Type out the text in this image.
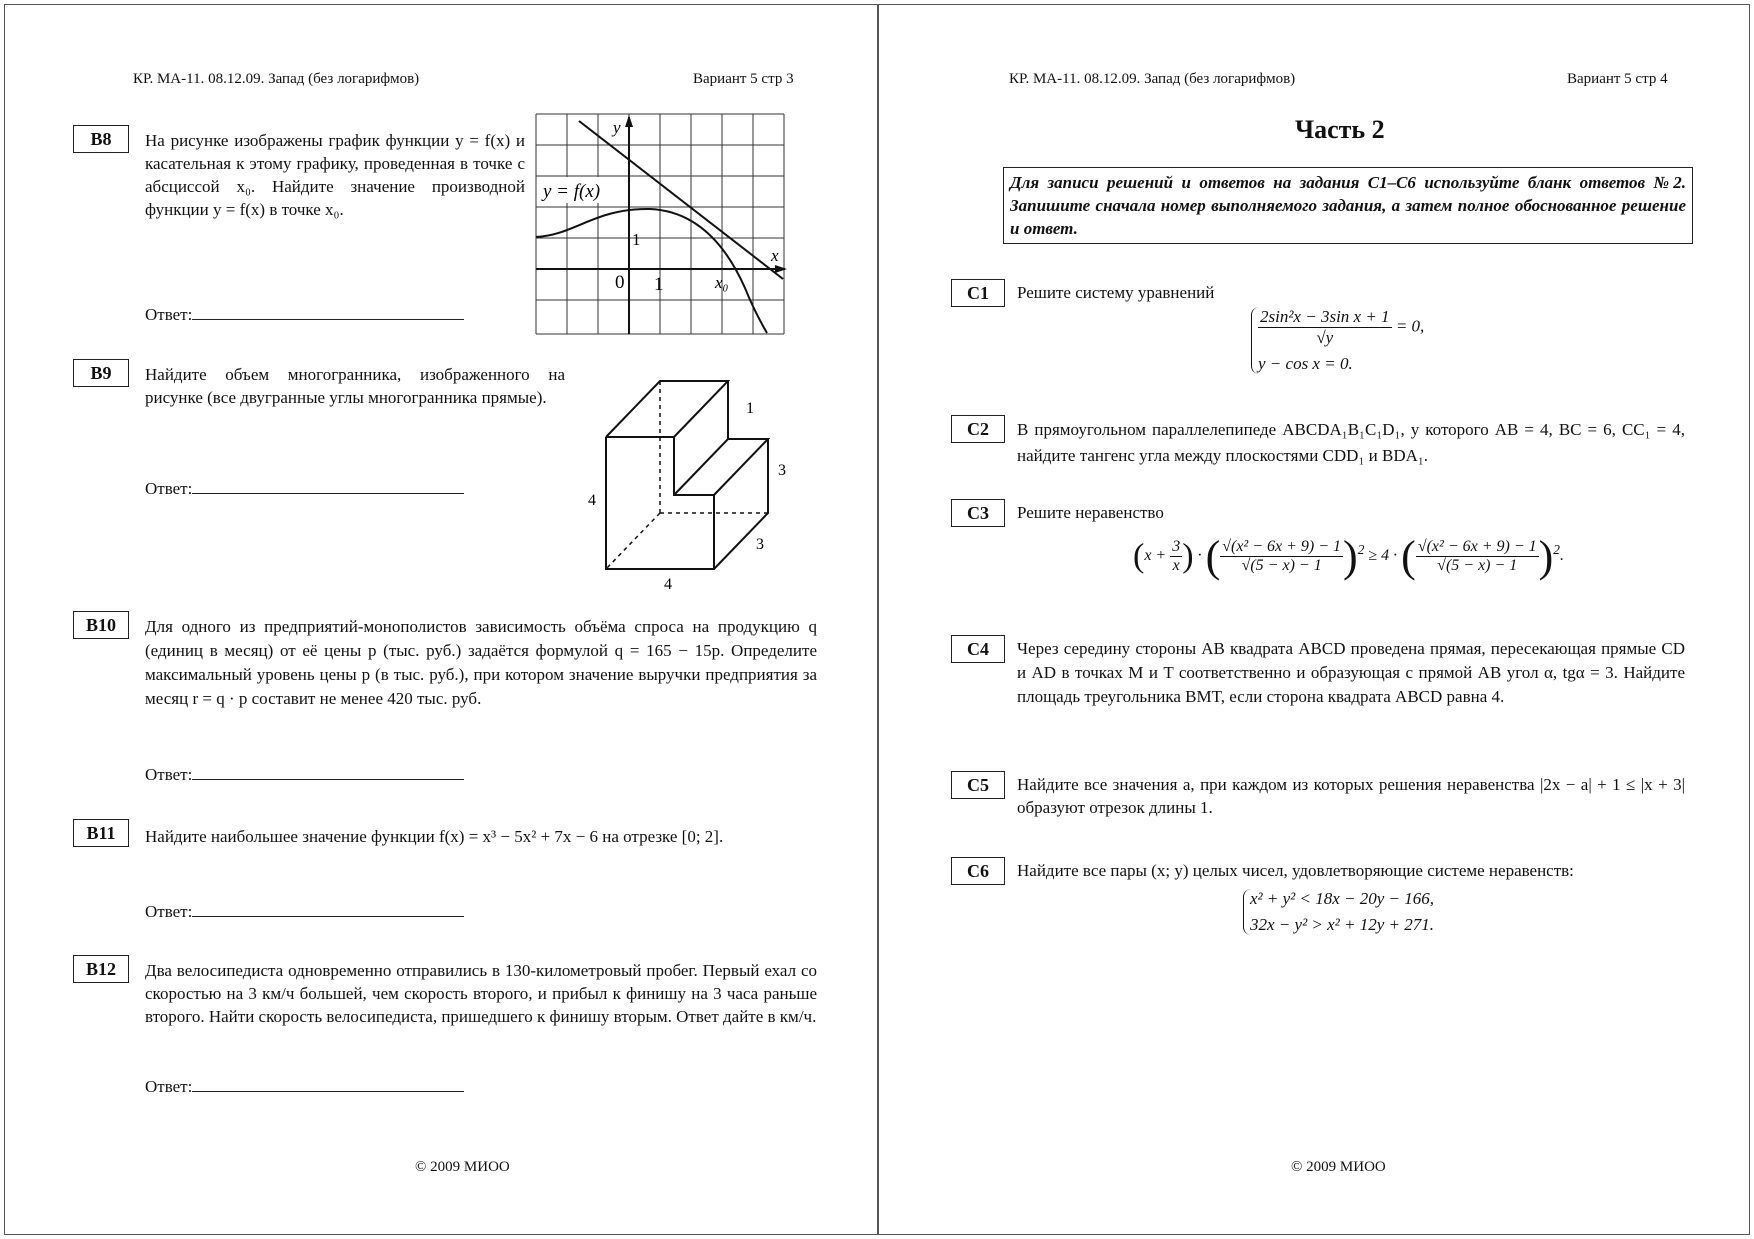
КР. МА-11. 08.12.09. Запад (без логарифмов)	Вариант 5 стр 3
B8	На рисунке изображены график функции y = f(x) и касательная к этому графику, проведенная в точке с абсциссой x₀. Найдите значение производной функции y = f(x) в точке x₀.
y
x
y = f(x)
1
0 1	x₀
Ответ:
B9	Найдите объем многогранника, изображенного на рисунке (все двугранные углы многогранника прямые).
1
3
4
3
4
Ответ:
B10	Для одного из предприятий-монополистов зависимость объёма спроса на продукцию q (единиц в месяц) от её цены p (тыс. руб.) задаётся формулой q = 165 − 15p. Определите максимальный уровень цены p (в тыс. руб.), при котором значение выручки предприятия за месяц r = q · p составит не менее 420 тыс. руб.
Ответ:
B11	Найдите наибольшее значение функции f(x) = x³ − 5x² + 7x − 6 на отрезке [0; 2].
Ответ:
B12	Два велосипедиста одновременно отправились в 130-километровый пробег. Первый ехал со скоростью на 3 км/ч большей, чем скорость второго, и прибыл к финишу на 3 часа раньше второго. Найти скорость велосипедиста, пришедшего к финишу вторым. Ответ дайте в км/ч.
Ответ:
© 2009 МИОО
КР. МА-11. 08.12.09. Запад (без логарифмов)	Вариант 5 стр 4
Часть 2
Для записи решений и ответов на задания С1–С6 используйте бланк ответов №2. Запишите сначала номер выполняемого задания, а затем полное обоснованное решение и ответ.
C1	Решите систему уравнений
$\frac{\text{2sin²x − 3sin x + 1}}{√y} = 0$,
y − cos x = 0.
C2	В прямоугольном параллелепипеде ABCDA₁B₁C₁D₁, у которого AB = 4, BC = 6, CC₁ = 4, найдите тангенс угла между плоскостями CDD₁ и BDA₁.
C3	Решите неравенство
($x + \frac{3}{x}$ ) · ( $\frac{\text{√(x² − 6x + 9) − 1}}{√(5 - x) - 1} )^2 \ge 4$ · ( $\frac{\text{√(x² − 6x + 9) − 1}}{√(5 - x) - 1} )^2$.
C4	Через середину стороны AB квадрата ABCD проведена прямая, пересекающая прямые CD и AD в точках M и T соответственно и образующая с прямой AB угол α, tgα = 3. Найдите площадь треугольника BMT, если сторона квадрата ABCD равна 4.
C5	Найдите все значения a, при каждом из которых решения неравенства |2x − a| + 1 ≤ |x + 3| образуют отрезок длины 1.
C6	Найдите все пары (x; y) целых чисел, удовлетворяющие системе неравенств:
x² + y² < 18x − 20y − 166,
32x − y² > x² + 12y + 271.
© 2009 МИОО
